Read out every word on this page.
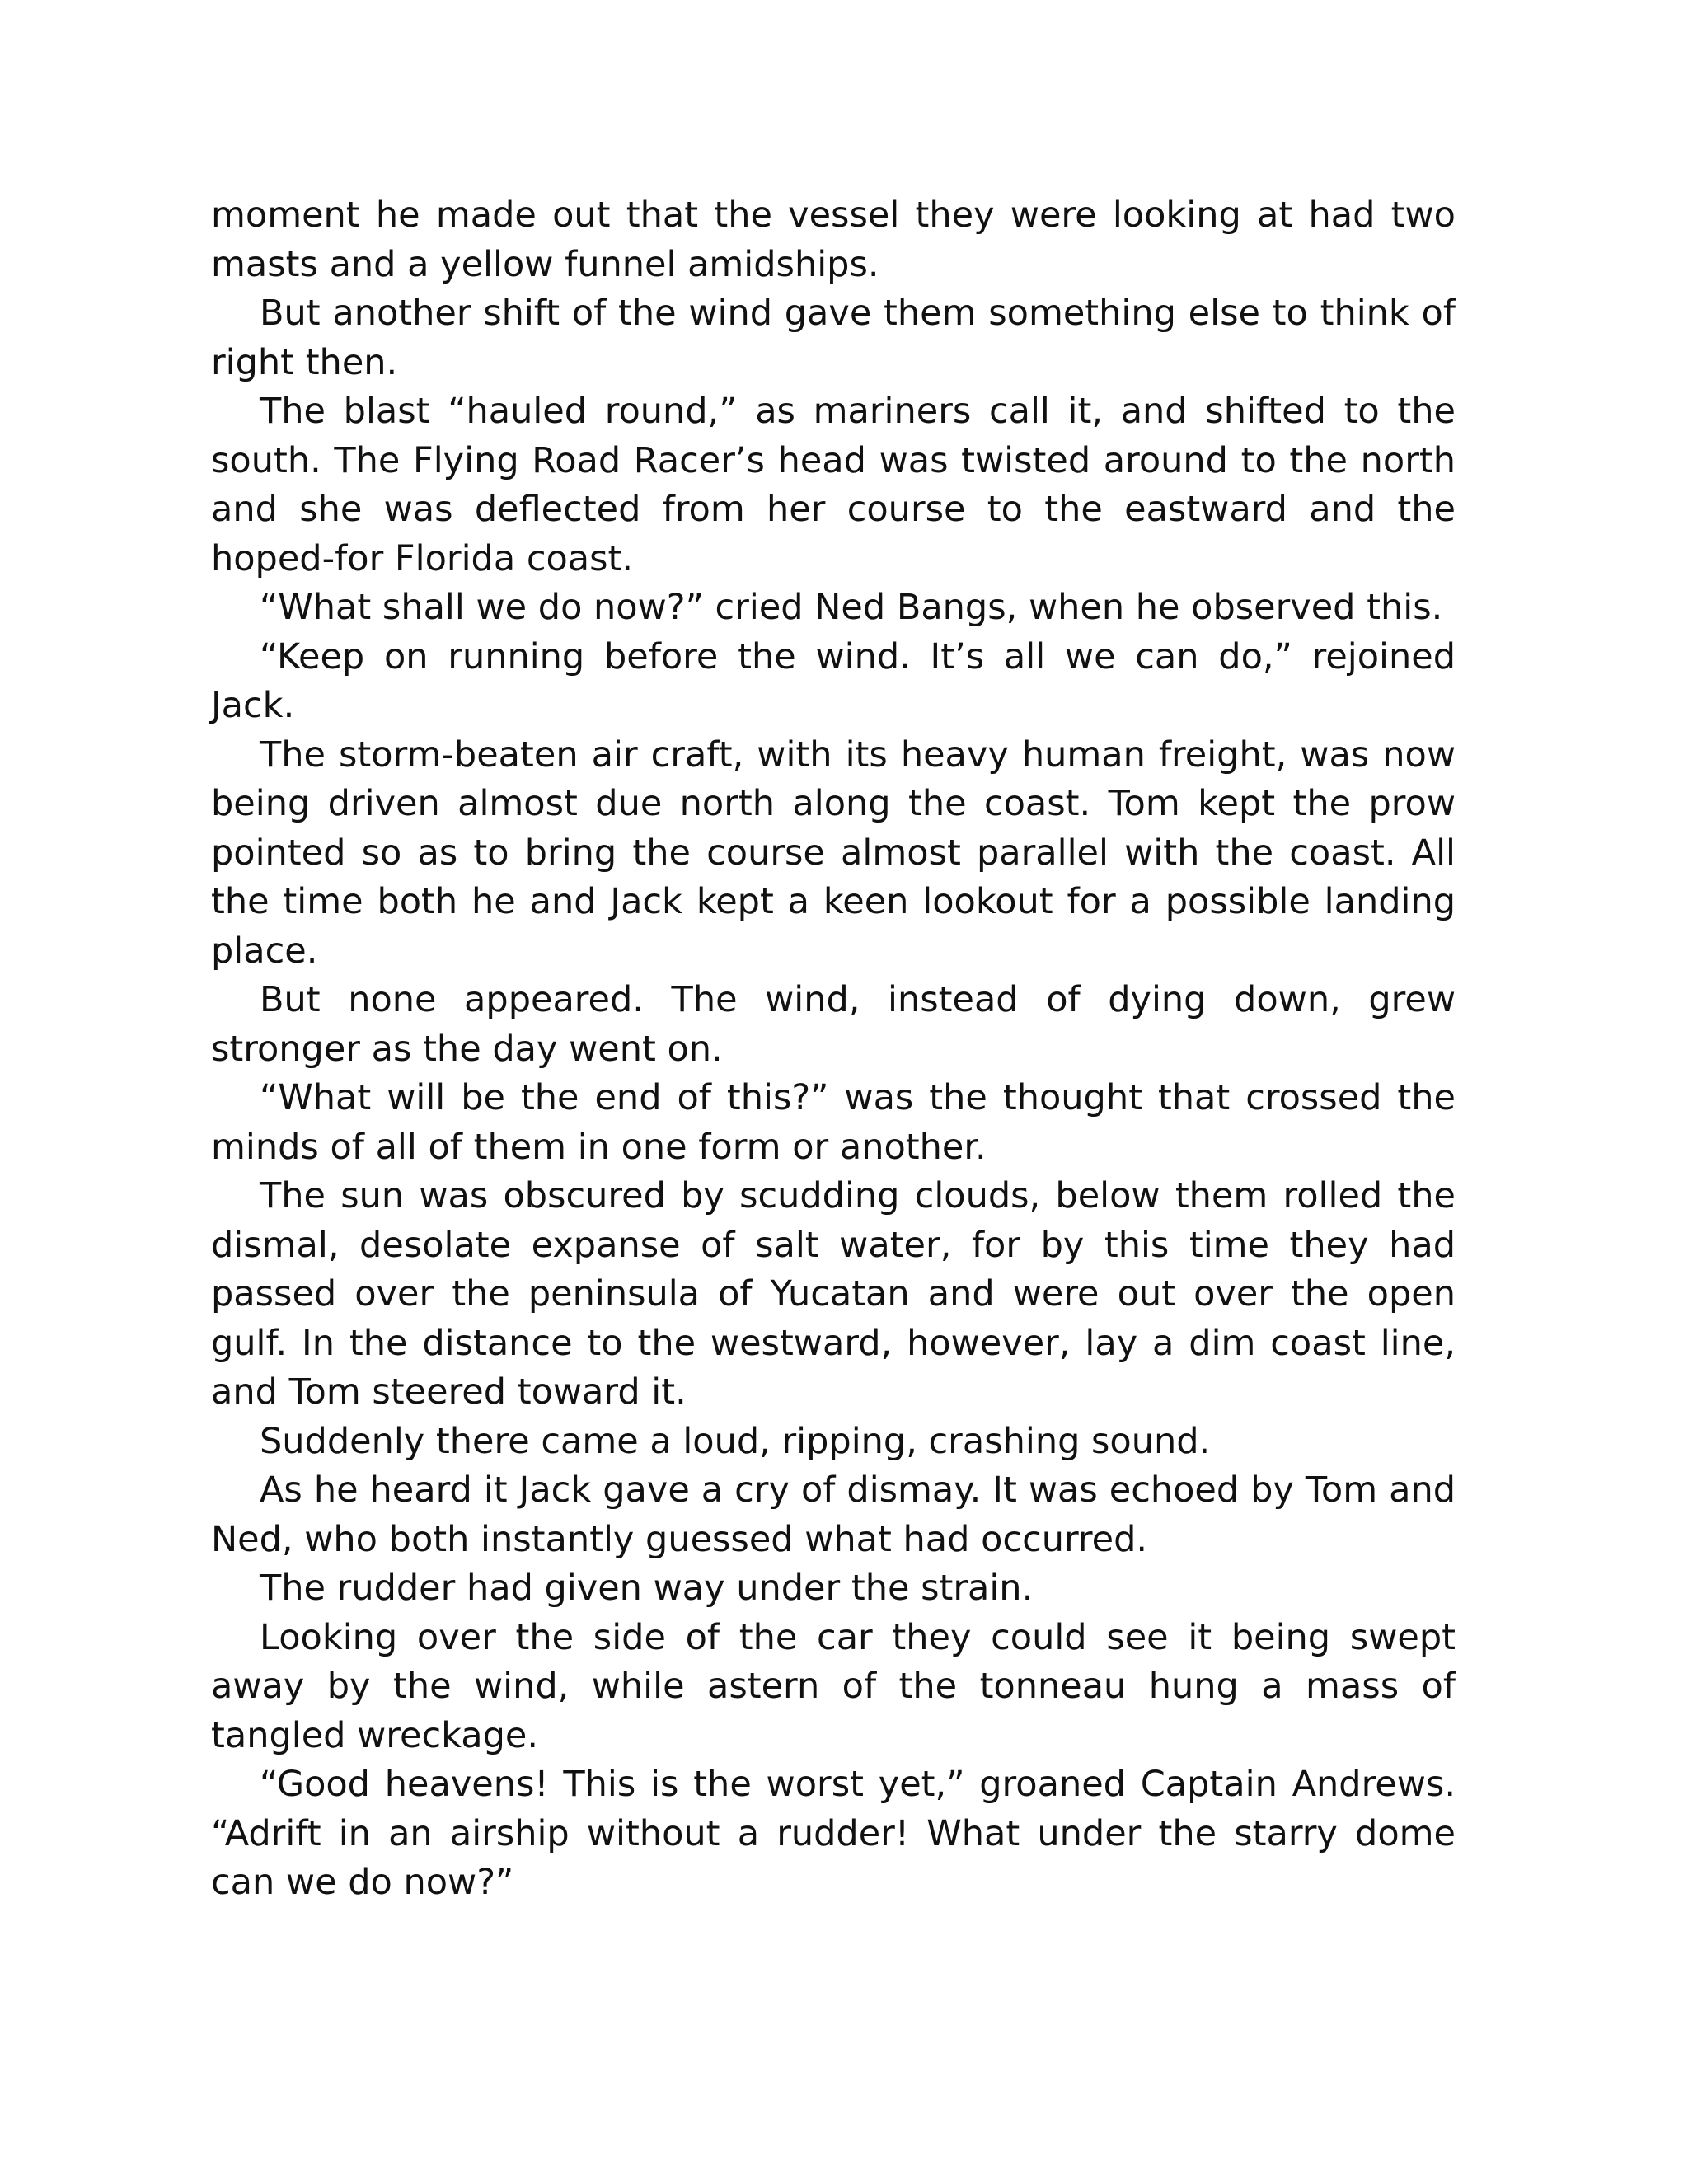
moment he made out that the vessel they were looking at had two masts and a yellow funnel amidships.

But another shift of the wind gave them something else to think of right then.

The blast “hauled round,” as mariners call it, and shifted to the south. The Flying Road Racer’s head was twisted around to the north and she was deflected from her course to the eastward and the hoped-for Florida coast.

“What shall we do now?” cried Ned Bangs, when he observed this.

“Keep on running before the wind. It’s all we can do,” rejoined Jack.

The storm-beaten air craft, with its heavy human freight, was now being driven almost due north along the coast. Tom kept the prow pointed so as to bring the course almost parallel with the coast. All the time both he and Jack kept a keen lookout for a possible landing place.

But none appeared. The wind, instead of dying down, grew stronger as the day went on.

“What will be the end of this?” was the thought that crossed the minds of all of them in one form or another.

The sun was obscured by scudding clouds, below them rolled the dismal, desolate expanse of salt water, for by this time they had passed over the peninsula of Yucatan and were out over the open gulf. In the distance to the westward, however, lay a dim coast line, and Tom steered toward it.

Suddenly there came a loud, ripping, crashing sound.

As he heard it Jack gave a cry of dismay. It was echoed by Tom and Ned, who both instantly guessed what had occurred.

The rudder had given way under the strain.

Looking over the side of the car they could see it being swept away by the wind, while astern of the tonneau hung a mass of tangled wreckage.

“Good heavens! This is the worst yet,” groaned Captain Andrews. “Adrift in an airship without a rudder! What under the starry dome can we do now?”
